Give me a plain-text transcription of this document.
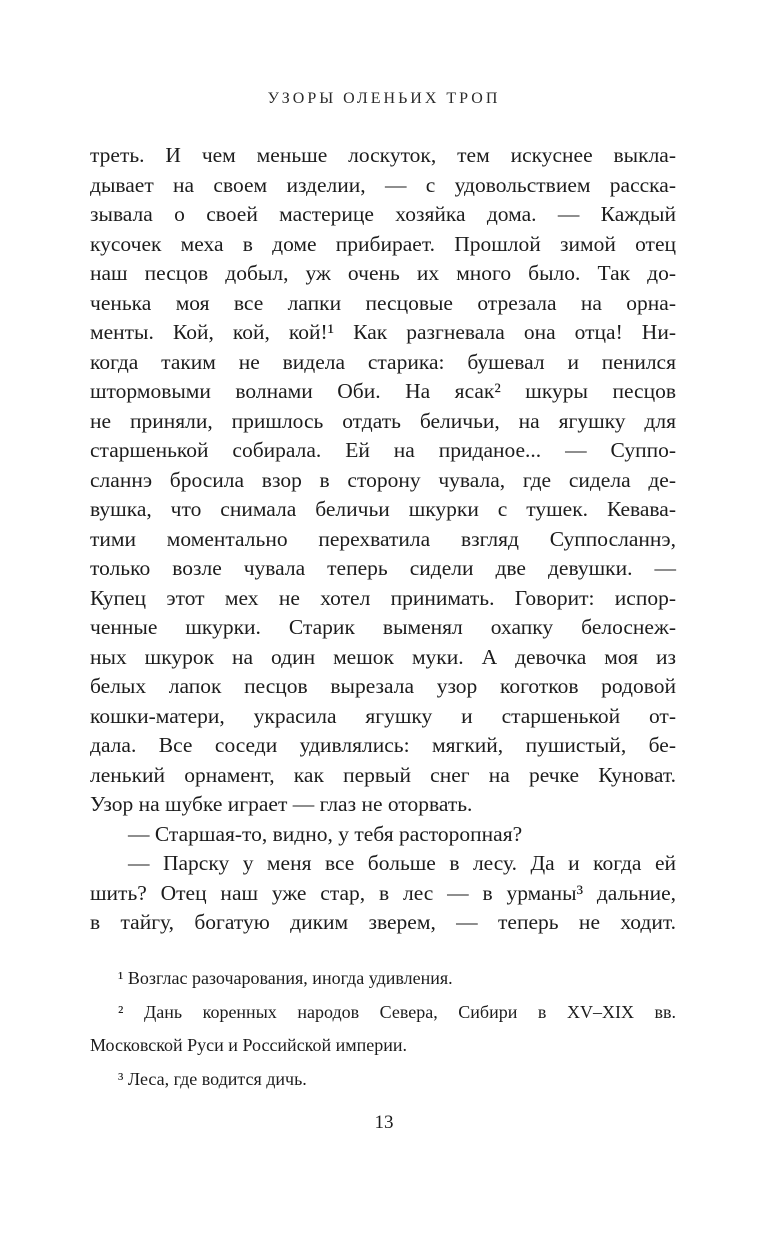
УЗОРЫ ОЛЕНЬИХ ТРОП
треть. И чем меньше лоскуток, тем искуснее выкла-
дывает на своем изделии, — с удовольствием расска-
зывала о своей мастерице хозяйка дома. — Каждый
кусочек меха в доме прибирает. Прошлой зимой отец
наш песцов добыл, уж очень их много было. Так до-
ченька моя все лапки песцовые отрезала на орна-
менты. Кой, кой, кой!¹ Как разгневала она отца! Ни-
когда таким не видела старика: бушевал и пенился
штормовыми волнами Оби. На ясак² шкуры песцов
не приняли, пришлось отдать беличьи, на ягушку для
старшенькой собирала. Ей на приданое... — Суппо-
сланнэ бросила взор в сторону чувала, где сидела де-
вушка, что снимала беличьи шкурки с тушек. Кевава-
тими моментально перехватила взгляд Суппосланнэ,
только возле чувала теперь сидели две девушки. —
Купец этот мех не хотел принимать. Говорит: испор-
ченные шкурки. Старик выменял охапку белоснеж-
ных шкурок на один мешок муки. А девочка моя из
белых лапок песцов вырезала узор коготков родовой
кошки-матери, украсила ягушку и старшенькой от-
дала. Все соседи удивлялись: мягкий, пушистый, бе-
ленький орнамент, как первый снег на речке Куноват.
Узор на шубке играет — глаз не оторвать.
— Старшая-то, видно, у тебя расторопная?
— Парску у меня все больше в лесу. Да и когда ей
шить? Отец наш уже стар, в лес — в урманы³ дальние,
в тайгу, богатую диким зверем, — теперь не ходит.
¹ Возглас разочарования, иногда удивления.
² Дань коренных народов Севера, Сибири в XV–XIX вв.
Московской Руси и Российской империи.
³ Леса, где водится дичь.
13
